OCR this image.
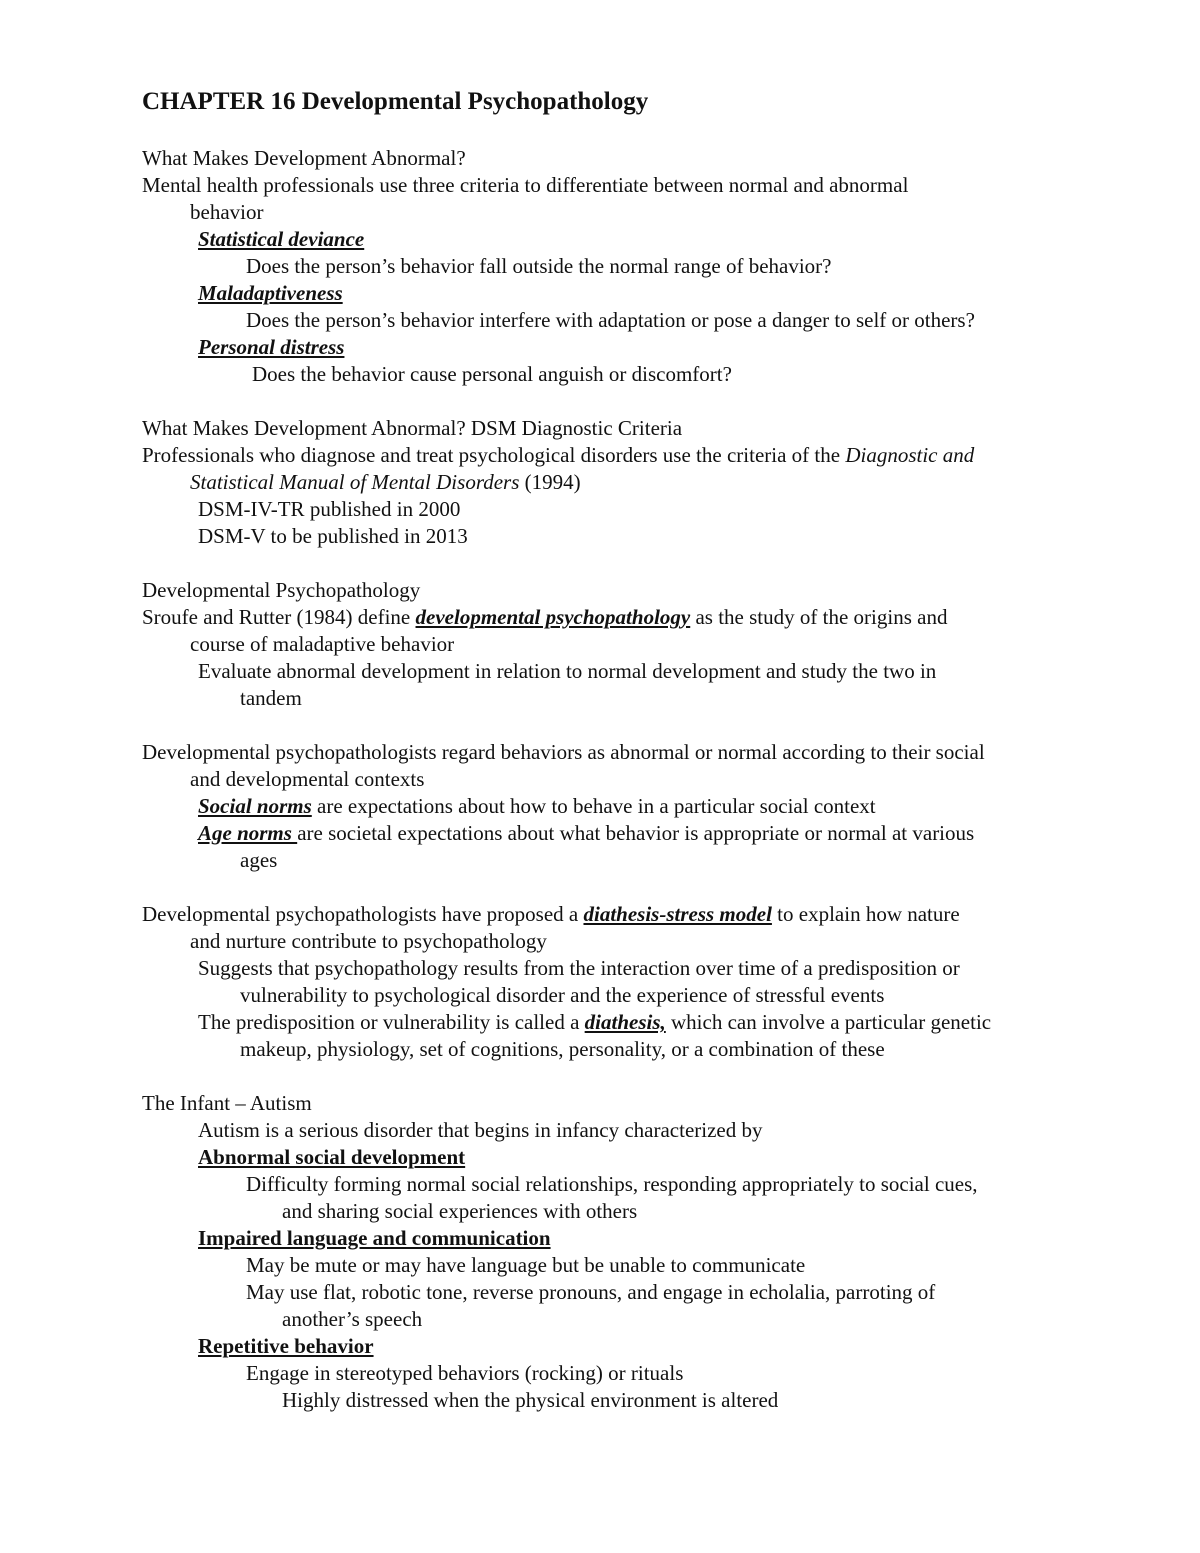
CHAPTER 16 Developmental Psychopathology
What Makes Development Abnormal?
Mental health professionals use three criteria to differentiate between normal and abnormal
behavior
Statistical deviance
Does the person’s behavior fall outside the normal range of behavior?
Maladaptiveness
Does the person’s behavior interfere with adaptation or pose a danger to self or others?
Personal distress
Does the behavior cause personal anguish or discomfort?
What Makes Development Abnormal? DSM Diagnostic Criteria
Professionals who diagnose and treat psychological disorders use the criteria of the Diagnostic and
Statistical Manual of Mental Disorders (1994)
DSM-IV-TR published in 2000
DSM-V to be published in 2013
Developmental Psychopathology
Sroufe and Rutter (1984) define developmental psychopathology as the study of the origins and
course of maladaptive behavior
Evaluate abnormal development in relation to normal development and study the two in
tandem
Developmental psychopathologists regard behaviors as abnormal or normal according to their social
and developmental contexts
Social norms are expectations about how to behave in a particular social context
Age norms are societal expectations about what behavior is appropriate or normal at various
ages
Developmental psychopathologists have proposed a diathesis-stress model to explain how nature
and nurture contribute to psychopathology
Suggests that psychopathology results from the interaction over time of a predisposition or
vulnerability to psychological disorder and the experience of stressful events
The predisposition or vulnerability is called a diathesis, which can involve a particular genetic
makeup, physiology, set of cognitions, personality, or a combination of these
The Infant – Autism
Autism is a serious disorder that begins in infancy characterized by
Abnormal social development
Difficulty forming normal social relationships, responding appropriately to social cues,
and sharing social experiences with others
Impaired language and communication
May be mute or may have language but be unable to communicate
May use flat, robotic tone, reverse pronouns, and engage in echolalia, parroting of
another’s speech
Repetitive behavior
Engage in stereotyped behaviors (rocking) or rituals
Highly distressed when the physical environment is altered
